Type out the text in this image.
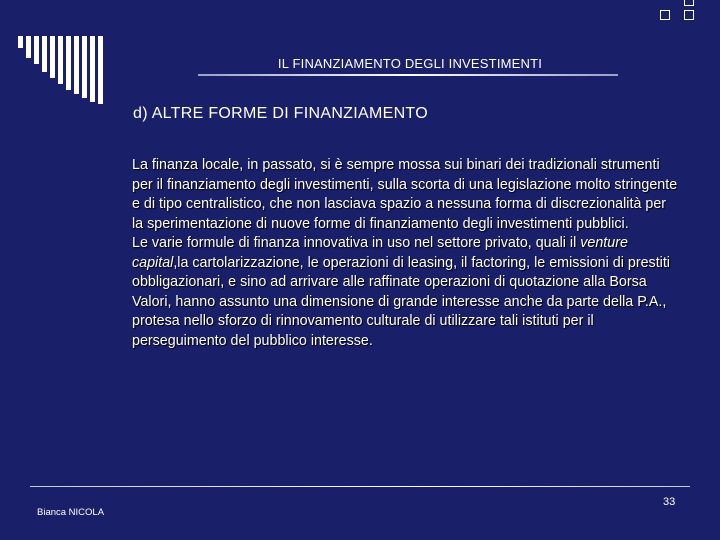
IL FINANZIAMENTO DEGLI INVESTIMENTI
d) ALTRE FORME DI FINANZIAMENTO

La finanza locale, in passato, si è sempre mossa sui binari dei tradizionali strumenti per il finanziamento degli investimenti, sulla scorta di una legislazione molto stringente e di tipo centralistico, che non lasciava spazio a nessuna forma di discrezionalità per la sperimentazione di nuove forme di finanziamento degli investimenti pubblici.

Le varie formule di finanza innovativa in uso nel settore privato, quali il venture capital,la cartolarizzazione, le operazioni di leasing, il factoring, le emissioni di prestiti obbligazionari, e sino ad arrivare alle raffinate operazioni di quotazione alla Borsa Valori, hanno assunto una dimensione di grande interesse anche da parte della P.A., protesa nello sforzo di rinnovamento culturale di utilizzare tali istituti per il perseguimento del pubblico interesse.

33
Bianca NICOLA
